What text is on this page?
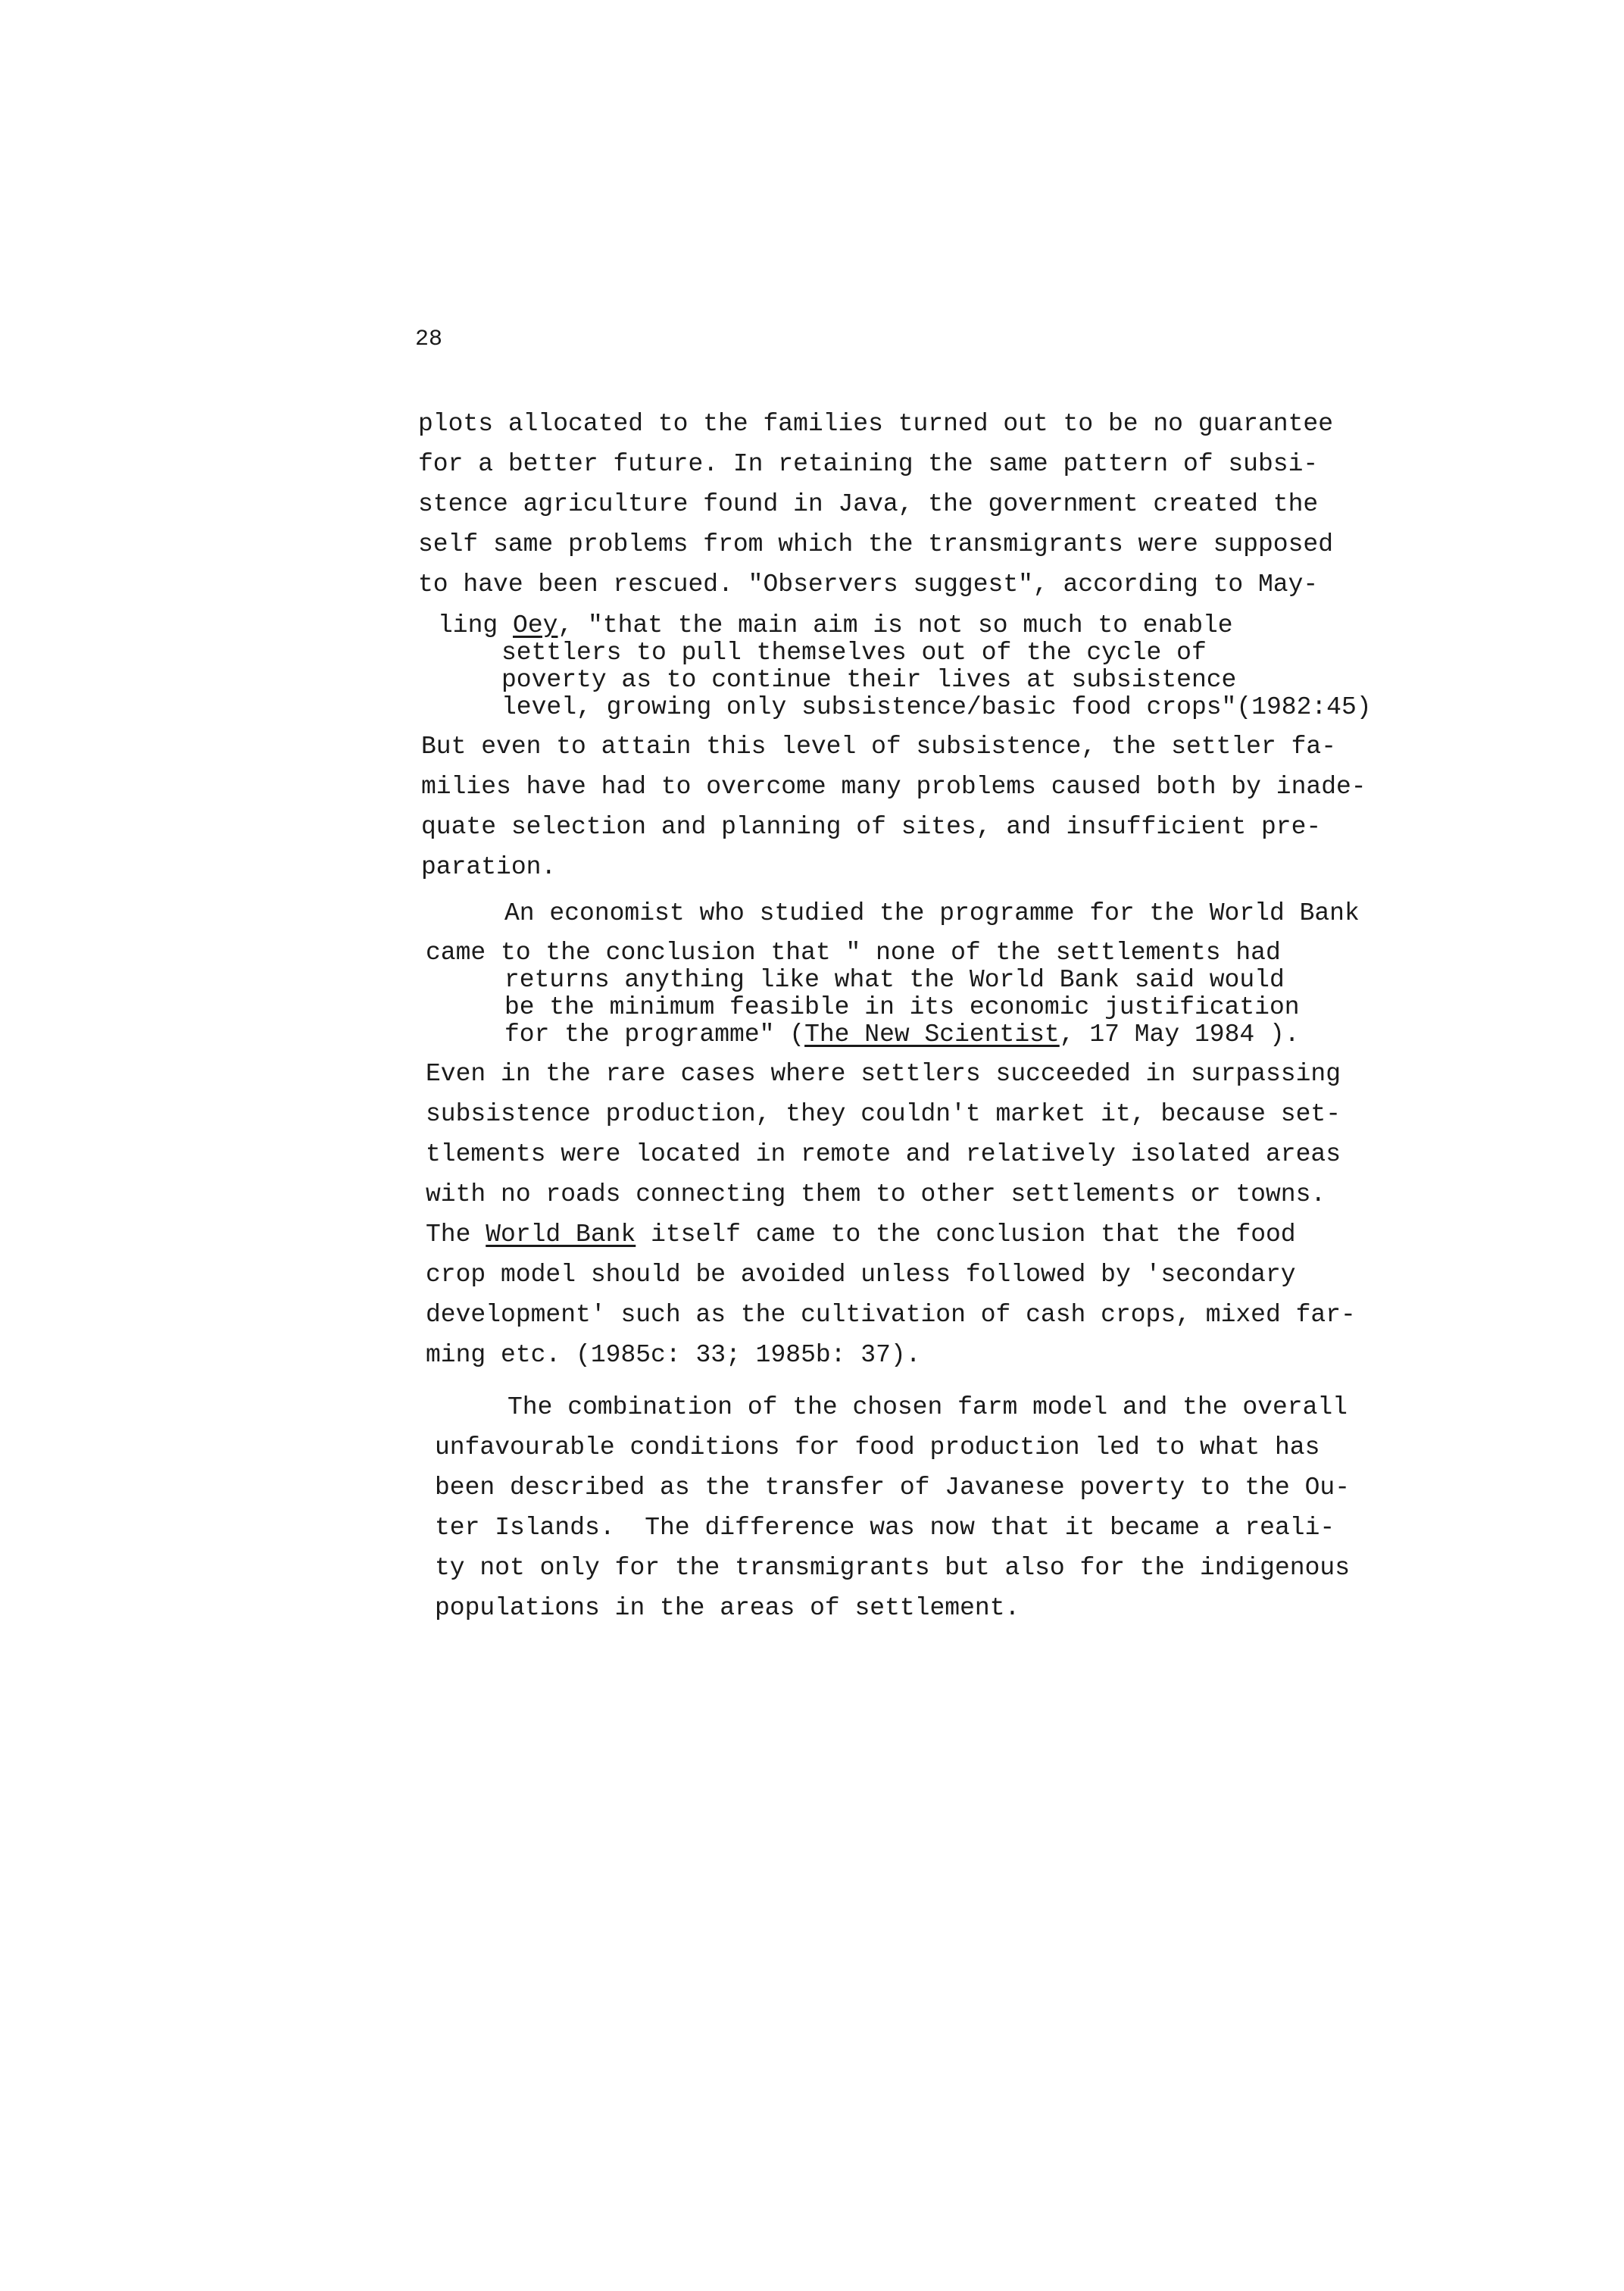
28

plots allocated to the families turned out to be no guarantee

for a better future. In retaining the same pattern of subsi-

stence agriculture found in Java, the government created the

self same problems from which the transmigrants were supposed

to have been rescued. "Observers suggest", according to May-

ling Oey, "that the main aim is not so much to enable

settlers to pull themselves out of the cycle of

poverty as to continue their lives at subsistence

level, growing only subsistence/basic food crops"(1982:45)

But even to attain this level of subsistence, the settler fa-

milies have had to overcome many problems caused both by inade-

quate selection and planning of sites, and insufficient pre-

paration.

An economist who studied the programme for the World Bank

came to the conclusion that " none of the settlements had

returns anything like what the World Bank said would

be the minimum feasible in its economic justification

for the programme" (The New Scientist, 17 May 1984 ).

Even in the rare cases where settlers succeeded in surpassing

subsistence production, they couldn't market it, because set-

tlements were located in remote and relatively isolated areas

with no roads connecting them to other settlements or towns.

The World Bank itself came to the conclusion that the food

crop model should be avoided unless followed by 'secondary

development' such as the cultivation of cash crops, mixed far-

ming etc. (1985c: 33; 1985b: 37).

The combination of the chosen farm model and the overall

unfavourable conditions for food production led to what has

been described as the transfer of Javanese poverty to the Ou-

ter Islands.  The difference was now that it became a reali-

ty not only for the transmigrants but also for the indigenous

populations in the areas of settlement.
